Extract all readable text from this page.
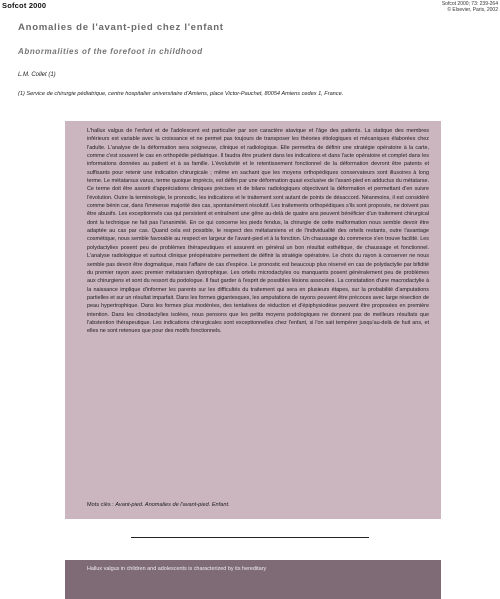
Sofcot 2000	Sofcot 2000; 73: 239-264
© Elsevier, Paris, 2002
Anomalies de l'avant-pied chez l'enfant
Abnormalities of the forefoot in childhood
L.M. Collet (1)
(1) Service de chirurgie pédiatrique, centre hospitalier universitaire d'Amiens, place Victor-Pauchet, 80054 Amiens cedex 1, France.

L'hallux valgus de l'enfant et de l'adolescent est particulier par son caractère atavique et l'âge des patients. La statique des membres inférieurs est variable avec la croissance et ne permet pas toujours de transposer les théories étiologiques et mécaniques élaborées chez l'adulte. L'analyse de la déformation sera soigneuse, clinique et radiologique. Elle permettra de définir une stratégie opératoire à la carte, comme c'est souvent le cas en orthopédie pédiatrique. Il faudra être prudent dans les indications et dans l'acte opératoire et complet dans les informations données au patient et à sa famille. L'évolutivité et le retentissement fonctionnel de la déformation devront être patents et suffisants pour retenir une indication chirurgicale ; même en sachant que les moyens orthopédiques conservateurs sont illusoires à long terme. Le métatarsus varus, terme quoique imprécis, est défini par une déformation quasi exclusive de l'avant-pied en adductus du métatarse. Ce terme doit être assorti d'appréciations cliniques précises et de bilans radiologiques objectivant la déformation et permettant d'en suivre l'évolution. Outre la terminologie, le pronostic, les indications et le traitement sont autant de points de désaccord. Néanmoins, il est considéré comme bénin car, dans l'immense majorité des cas, spontanément résolutif. Les traitements orthopédiques s'ils sont proposés, ne doivent pas être abusifs. Les exceptionnels cas qui persistent et entraînent une gêne au-delà de quatre ans peuvent bénéficier d'un traitement chirurgical dont la technique ne fait pas l'unanimité. En ce qui concerne les pieds fendus, la chirurgie de cette malformation nous semble devoir être adaptée au cas par cas. Quand cela est possible, le respect des métatarsiens et de l'individualité des orteils restants, outre l'avantage cosmétique, nous semble favorable au respect en largeur de l'avant-pied et à la fonction. Un chaussage du commerce s'en trouve facilité. Les polydactylies posent peu de problèmes thérapeutiques et assurent en général un bon résultat esthétique, de chaussage et fonctionnel. L'analyse radiologique et surtout clinique préopératoire permettent de définir la stratégie opératoire. Le choix du rayon à conserver ne nous semble pas devoir être dogmatique, mais l'affaire de cas d'espèce. Le pronostic est beaucoup plus réservé en cas de polydactylie par bifidité du premier rayon avec premier métatarsien dystrophique. Les orteils microdactyles ou manquants posent généralement peu de problèmes aux chirurgiens et sont du ressort du podologue. Il faut garder à l'esprit de possibles lésions associées. La constatation d'une macrodactylie à la naissance implique d'informer les parents sur les difficultés du traitement qui sera en plusieurs étapes, sur la probabilité d'amputations partielles et sur un résultat imparfait. Dans les formes gigantesques, les amputations de rayons peuvent être précoces avec large résection de peau hypertrophique. Dans les formes plus modérées, des tentatives de réduction et d'épiphysiodèse peuvent être proposées en première intention. Dans les clinodactylies isolées, nous pensons que les petits moyens podologiques ne donnent pas de meilleurs résultats que l'abstention thérapeutique. Les indications chirurgicales sont exceptionnelles chez l'enfant, si l'on sait tempérer jusqu'au-delà de huit ans, et elles ne sont retenues que pour des motifs fonctionnels.

Mots clés : Avant-pied. Anomalies de l'avant-pied. Enfant.

Hallux valgus in children and adolescents is characterized by its hereditary
